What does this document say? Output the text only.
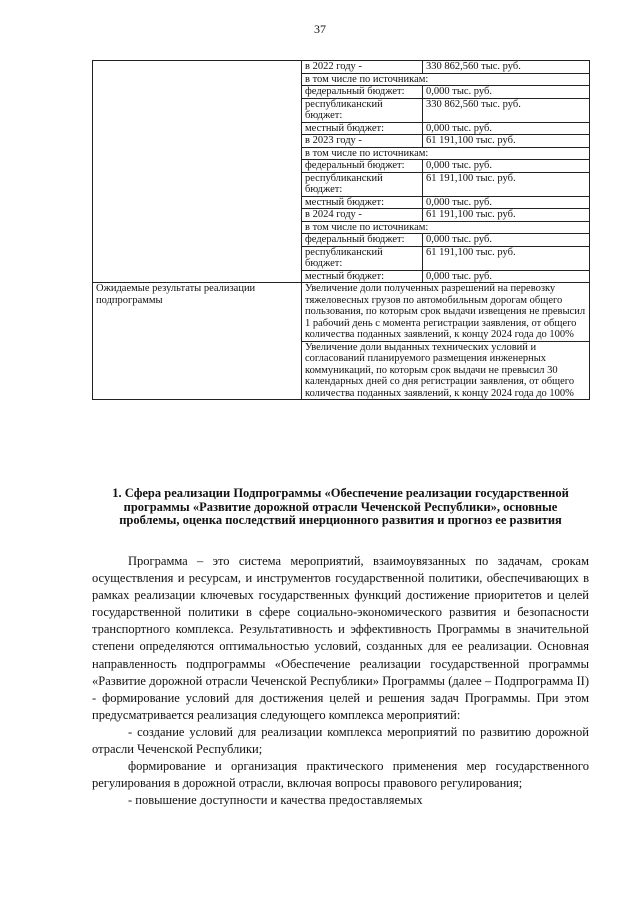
37
	в 2022 году -	330 862,560 тыс. руб.
	в том числе по источникам:	
	федеральный бюджет:	0,000 тыс. руб.
	республиканский бюджет:	330 862,560 тыс. руб.
	местный бюджет:	0,000 тыс. руб.
	в 2023 году -	61 191,100 тыс. руб.
	в том числе по источникам:	
	федеральный бюджет:	0,000 тыс. руб.
	республиканский бюджет:	61 191,100 тыс. руб.
	местный бюджет:	0,000 тыс. руб.
	в 2024 году -	61 191,100 тыс. руб.
	в том числе по источникам:	
	федеральный бюджет:	0,000 тыс. руб.
	республиканский бюджет:	61 191,100 тыс. руб.
	местный бюджет:	0,000 тыс. руб.
Ожидаемые результаты реализации подпрограммы	Увеличение доли полученных разрешений на перевозку тяжеловесных грузов по автомобильным дорогам общего пользования, по которым срок выдачи извещения не превысил 1 рабочий день с момента регистрации заявления, от общего количества поданных заявлений, к концу 2024 года до 100%	
	Увеличение доли выданных технических условий и согласований планируемого размещения инженерных коммуникаций, по которым срок выдачи не превысил 30 календарных дней со дня регистрации заявления, от общего количества поданных заявлений, к концу 2024 года до 100%	
1. Сфера реализации Подпрограммы «Обеспечение реализации государственной программы «Развитие дорожной отрасли Чеченской Республики», основные проблемы, оценка последствий инерционного развития и прогноз ее развития

Программа – это система мероприятий, взаимоувязанных по задачам, срокам осуществления и ресурсам, и инструментов государственной политики, обеспечивающих в рамках реализации ключевых государственных функций достижение приоритетов и целей государственной политики в сфере социально-экономического развития и безопасности транспортного комплекса. Результативность и эффективность Программы в значительной степени определяются оптимальностью условий, созданных для ее реализации. Основная направленность подпрограммы «Обеспечение реализации государственной программы «Развитие дорожной отрасли Чеченской Республики» Программы (далее – Подпрограмма II) - формирование условий для достижения целей и решения задач Программы. При этом предусматривается реализация следующего комплекса мероприятий:

- создание условий для реализации комплекса мероприятий по развитию дорожной отрасли Чеченской Республики;

формирование и организация практического применения мер государственного регулирования в дорожной отрасли, включая вопросы правового регулирования;

- повышение доступности и качества предоставляемых
